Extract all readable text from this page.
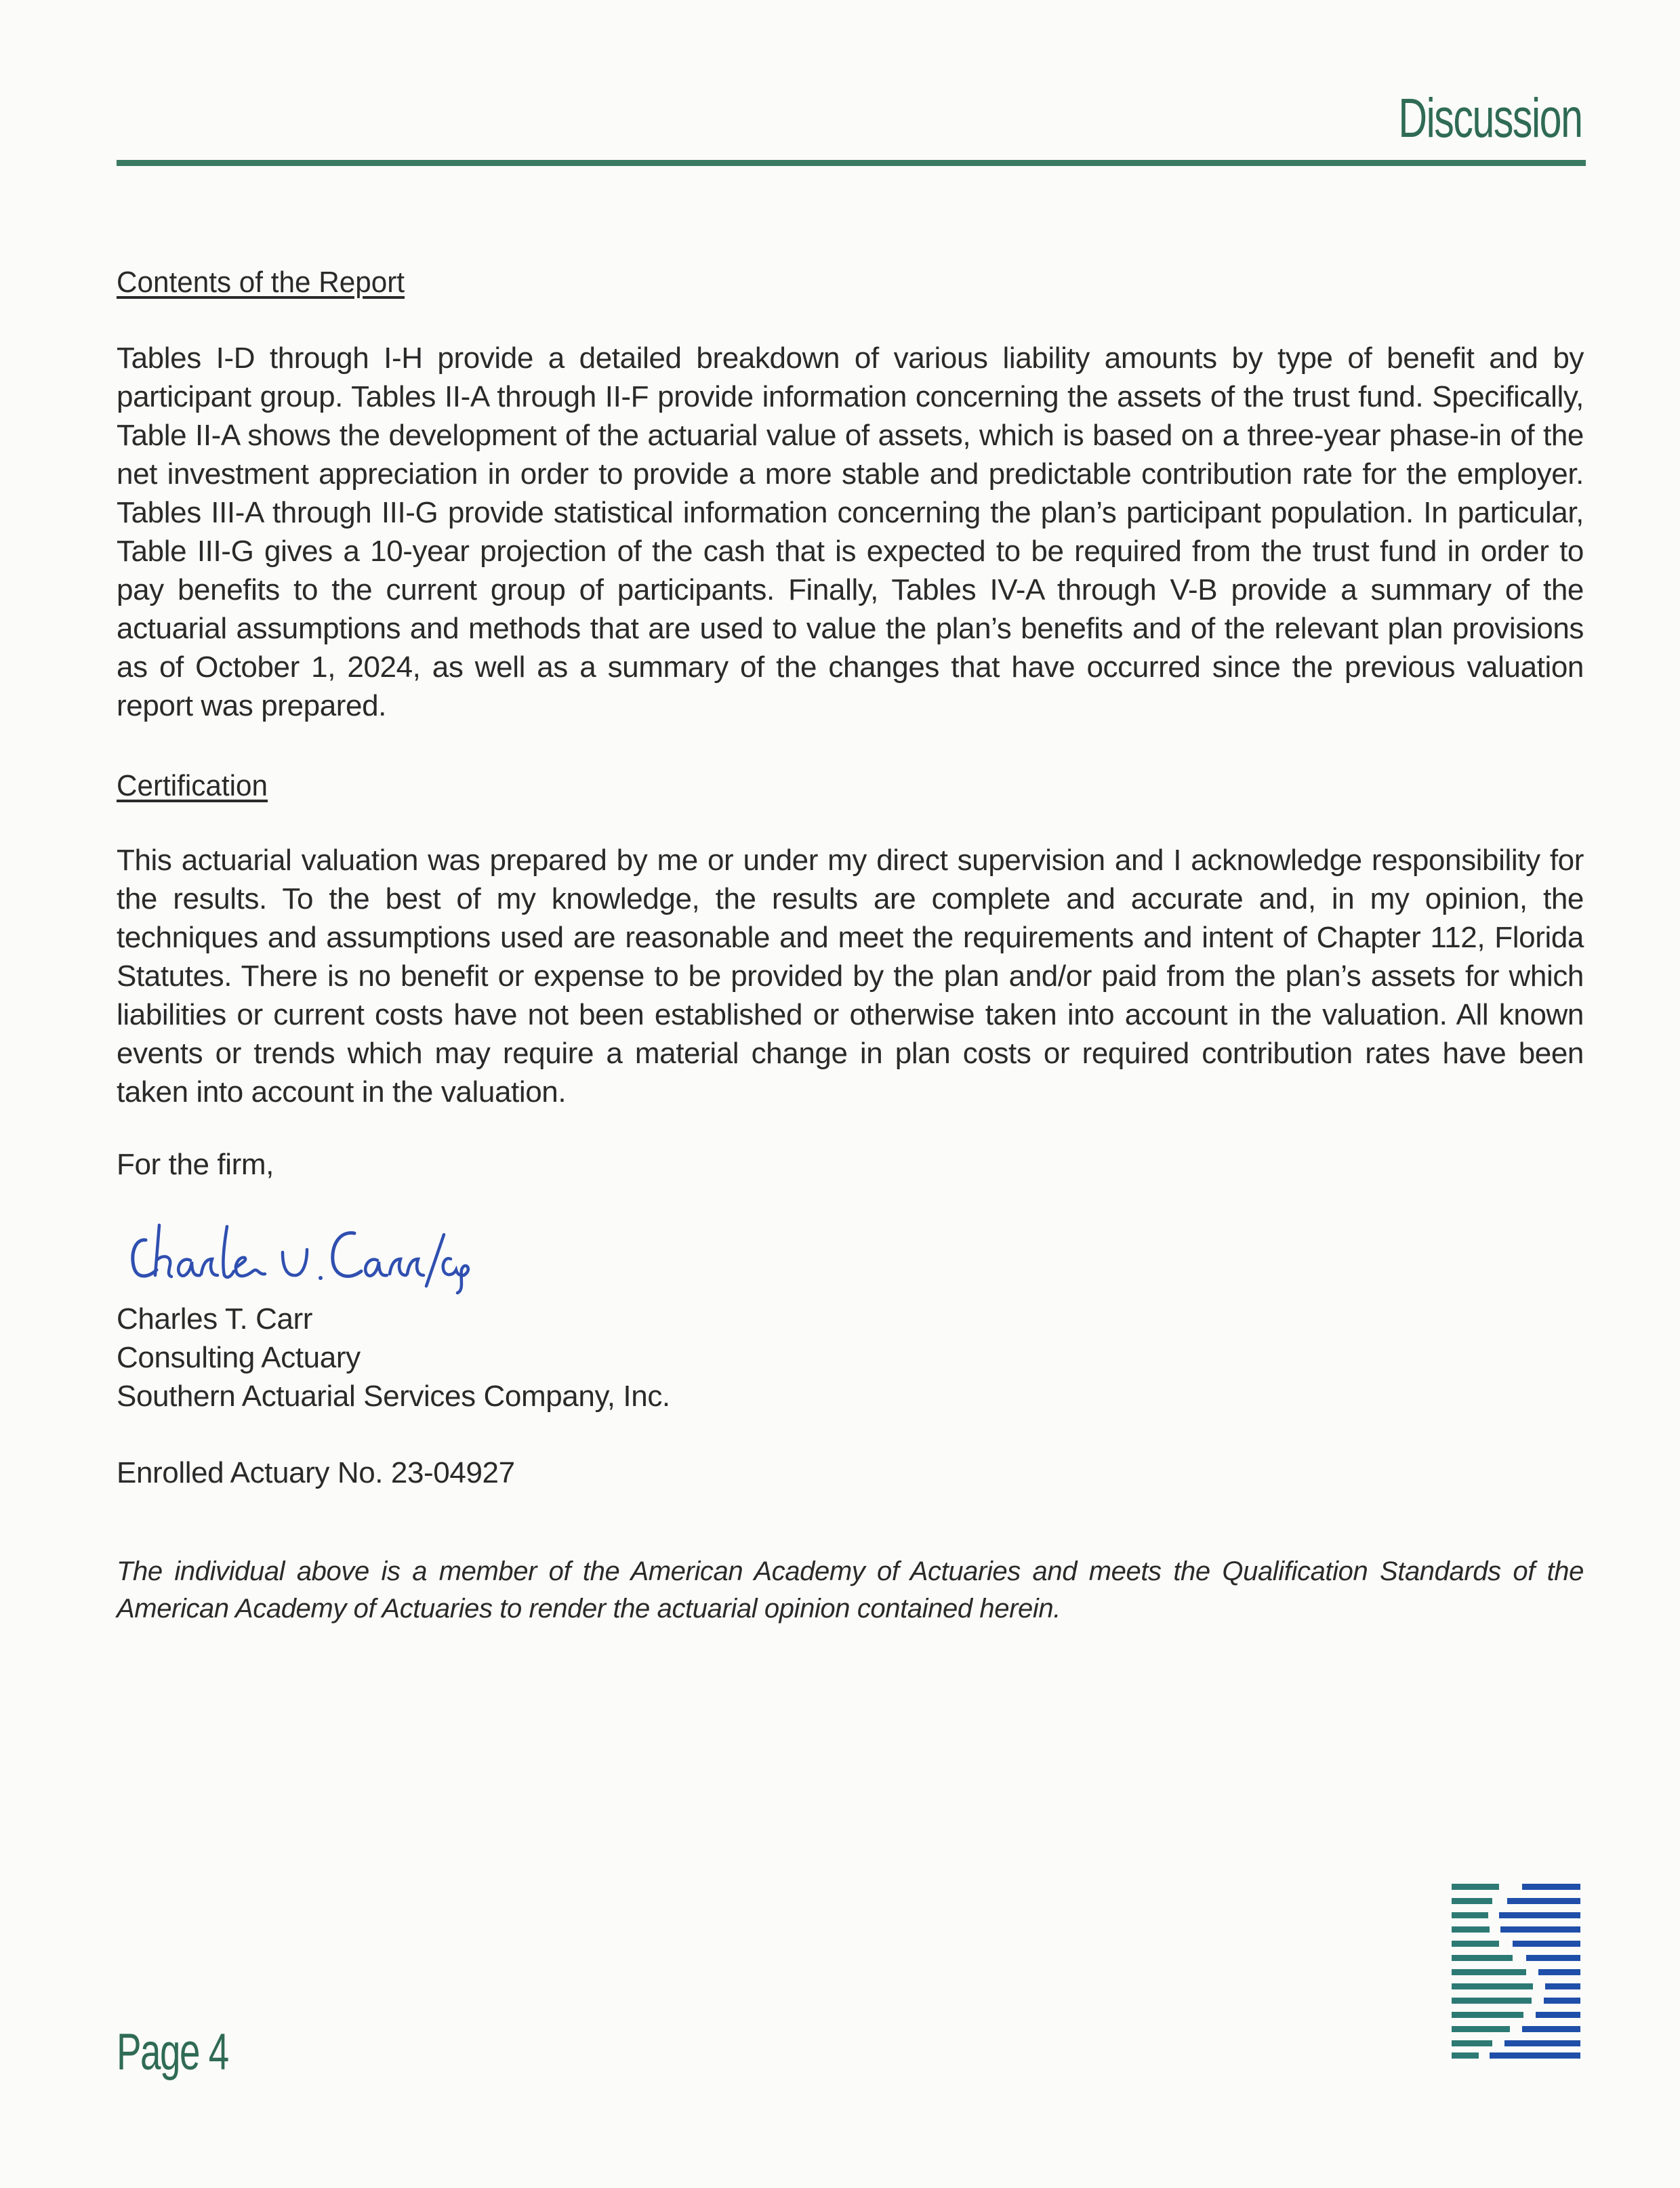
Discussion
Contents of the Report
Tables I-D through I-H provide a detailed breakdown of various liability amounts by type of benefit and by participant group. Tables II-A through II-F provide information concerning the assets of the trust fund. Specifically, Table II-A shows the development of the actuarial value of assets, which is based on a three-year phase-in of the net investment appreciation in order to provide a more stable and predictable contribution rate for the employer. Tables III-A through III-G provide statistical information concerning the plan’s participant population. In particular, Table III-G gives a 10-year projection of the cash that is expected to be required from the trust fund in order to pay benefits to the current group of participants. Finally, Tables IV-A through V-B provide a summary of the actuarial assumptions and methods that are used to value the plan’s benefits and of the relevant plan provisions as of October 1, 2024, as well as a summary of the changes that have occurred since the previous valuation report was prepared.
Certification
This actuarial valuation was prepared by me or under my direct supervision and I acknowledge responsibility for the results. To the best of my knowledge, the results are complete and accurate and, in my opinion, the techniques and assumptions used are reasonable and meet the requirements and intent of Chapter 112, Florida Statutes. There is no benefit or expense to be provided by the plan and/or paid from the plan’s assets for which liabilities or current costs have not been established or otherwise taken into account in the valuation. All known events or trends which may require a material change in plan costs or required contribution rates have been taken into account in the valuation.
For the firm,
Charles T. Carr
Consulting Actuary
Southern Actuarial Services Company, Inc.
Enrolled Actuary No. 23-04927
The individual above is a member of the American Academy of Actuaries and meets the Qualification Standards of the American Academy of Actuaries to render the actuarial opinion contained herein.
Page 4
